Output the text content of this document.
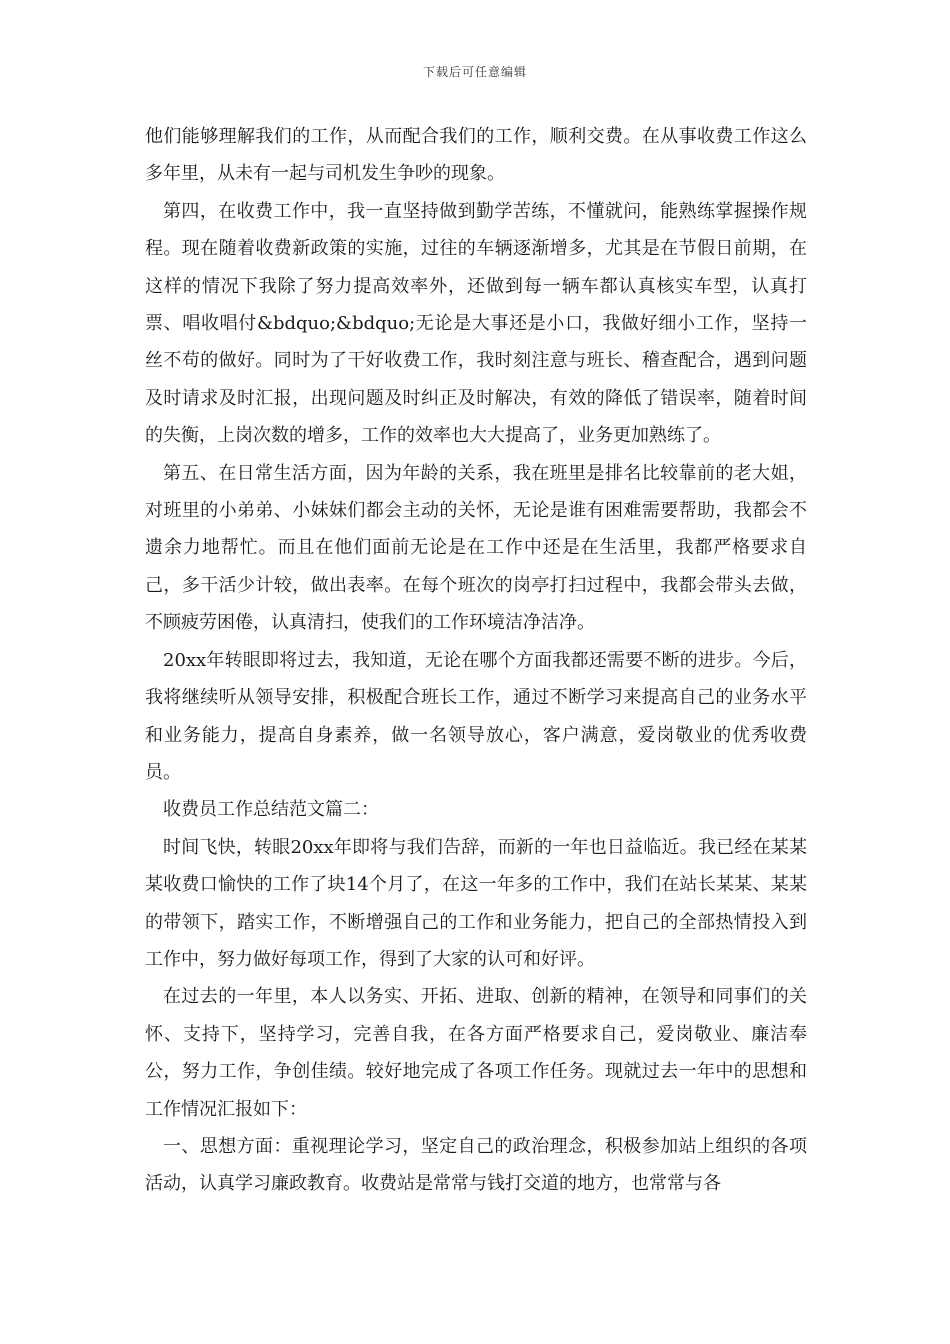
下载后可任意编辑

他们能够理解我们的工作，从而配合我们的工作，顺利交费。在从事收费工作这么多年里，从未有一起与司机发生争吵的现象。

第四，在收费工作中，我一直坚持做到勤学苦练，不懂就问，能熟练掌握操作规程。现在随着收费新政策的实施，过往的车辆逐渐增多，尤其是在节假日前期，在这样的情况下我除了努力提高效率外，还做到每一辆车都认真核实车型，认真打票、唱收唱付&bdquo;&bdquo;无论是大事还是小口，我做好细小工作，坚持一丝不苟的做好。同时为了干好收费工作，我时刻注意与班长、稽查配合，遇到问题及时请求及时汇报，出现问题及时纠正及时解决，有效的降低了错误率，随着时间的失衡，上岗次数的增多，工作的效率也大大提高了，业务更加熟练了。

第五、在日常生活方面，因为年龄的关系，我在班里是排名比较靠前的老大姐，对班里的小弟弟、小妹妹们都会主动的关怀，无论是谁有困难需要帮助，我都会不遗余力地帮忙。而且在他们面前无论是在工作中还是在生活里，我都严格要求自己，多干活少计较，做出表率。在每个班次的岗亭打扫过程中，我都会带头去做，不顾疲劳困倦，认真清扫，使我们的工作环境洁净洁净。

20xx年转眼即将过去，我知道，无论在哪个方面我都还需要不断的进步。今后，我将继续听从领导安排，积极配合班长工作，通过不断学习来提高自己的业务水平和业务能力，提高自身素养，做一名领导放心，客户满意，爱岗敬业的优秀收费员。

收费员工作总结范文篇二：

时间飞快，转眼20xx年即将与我们告辞，而新的一年也日益临近。我已经在某某某收费口愉快的工作了块14个月了，在这一年多的工作中，我们在站长某某、某某的带领下，踏实工作，不断增强自己的工作和业务能力，把自己的全部热情投入到工作中，努力做好每项工作，得到了大家的认可和好评。

在过去的一年里，本人以务实、开拓、进取、创新的精神，在领导和同事们的关怀、支持下，坚持学习，完善自我，在各方面严格要求自己，爱岗敬业、廉洁奉公，努力工作，争创佳绩。较好地完成了各项工作任务。现就过去一年中的思想和工作情况汇报如下：

一、思想方面：重视理论学习，坚定自己的政治理念，积极参加站上组织的各项活动，认真学习廉政教育。收费站是常常与钱打交道的地方，也常常与各
